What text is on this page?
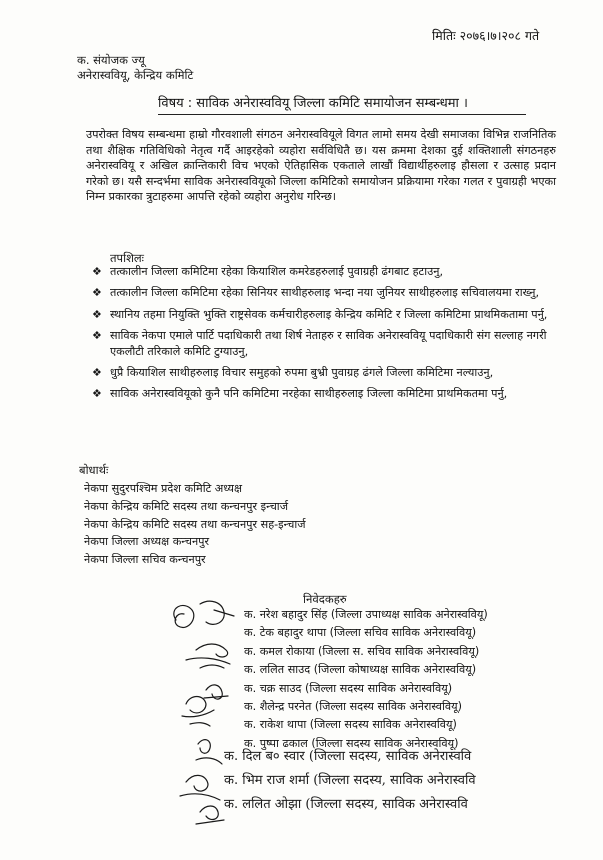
मितिः २०७६।७।२०८ गते
क. संयोजक ज्यू
अनेरास्ववियू, केन्द्रिय कमिटि
विषय : साविक अनेरास्ववियू जिल्ला कमिटि समायोजन सम्बन्धमा ।
उपरोक्त विषय सम्बन्धमा हाम्रो गौरवशाली संगठन अनेरास्ववियूले विगत लामो समय देखी समाजका विभिन्न राजनितिक तथा शैक्षिक गतिविधिको नेतृत्व गर्दै आइरहेको व्यहोरा सर्वविधितै छ। यस क्रममा देशका दुई शक्तिशाली संगठनहरु अनेरास्ववियू र अखिल क्रान्तिकारी विच भएको ऐतिहासिक एकताले लाखौं विद्यार्थीहरुलाइ हौसला र उत्साह प्रदान गरेको छ। यसै सन्दर्भमा साविक अनेरास्ववियूको जिल्ला कमिटिको समायोजन प्रक्रियामा गरेका गलत र पुवाग्रही भएका निम्न प्रकारका त्रुटाहरुमा आपत्ति रहेको व्यहोरा अनुरोध गरिन्छ।
तपशिलः
❖ तत्कालीन जिल्ला कमिटिमा रहेका कियाशिल कमरेडहरुलाई पुवाग्रही ढंगबाट हटाउनु,
❖ तत्कालीन जिल्ला कमिटिमा रहेका सिनियर साथीहरुलाइ भन्दा नया जुनियर साथीहरुलाइ सचिवालयमा राख्नु,
❖ स्थानिय तहमा नियुक्ति भुक्ति राष्ट्रसेवक कर्मचारीहरुलाइ केन्द्रिय कमिटि र जिल्ला कमिटिमा प्राथमिकतामा पर्नु,
❖ साविक नेकपा एमाले पार्टि पदाधिकारी तथा शिर्ष नेताहरु र साविक अनेरास्ववियू पदाधिकारी संग सल्लाह नगरी एकलौटी तरिकाले कमिटि टुग्याउनु,
❖ धुप्रै कियाशिल साथीहरुलाइ विचार समुहको रुपमा बुभ्री पुवाग्रह ढंगले जिल्ला कमिटिमा नल्याउनु,
❖ साविक अनेरास्ववियूको कुनै पनि कमिटिमा नरहेका साथीहरुलाइ जिल्ला कमिटिमा प्राथमिकतमा पर्नु,
बोधार्थः
नेकपा सुदुरपश्चिम प्रदेश कमिटि अध्यक्ष
नेकपा केन्द्रिय कमिटि सदस्य तथा कन्चनपुर इन्चार्ज
नेकपा केन्द्रिय कमिटि सदस्य तथा कन्चनपुर सह-इन्चार्ज
नेकपा जिल्ला अध्यक्ष कन्चनपुर
नेकपा जिल्ला सचिव कन्चनपुर
निवेदकहरु
क. नरेश बहादुर सिंह (जिल्ला उपाध्यक्ष साविक अनेरास्ववियू)
क. टेक बहादुर थापा (जिल्ला सचिव साविक अनेरास्ववियू)
क. कमल रोकाया (जिल्ला स. सचिव साविक अनेरास्ववियू)
क. ललित साउद (जिल्ला कोषाध्यक्ष साविक अनेरास्ववियू)
क. चक्र साउद (जिल्ला सदस्य साविक अनेरास्ववियू)
क. शैलेन्द्र परनेत (जिल्ला सदस्य साविक अनेरास्ववियू)
क. राकेश थापा (जिल्ला सदस्य साविक अनेरास्ववियू)
क. पुष्पा ढकाल (जिल्ला सदस्य साविक अनेरास्ववियू)
क. दिल ब० स्वार (जिल्ला सदस्य, साविक अनेरास्ववि
क. भिम राज शर्मा (जिल्ला सदस्य, साविक अनेरास्ववि
क. ललित ओझा (जिल्ला सदस्य, साविक अनेरास्ववि
